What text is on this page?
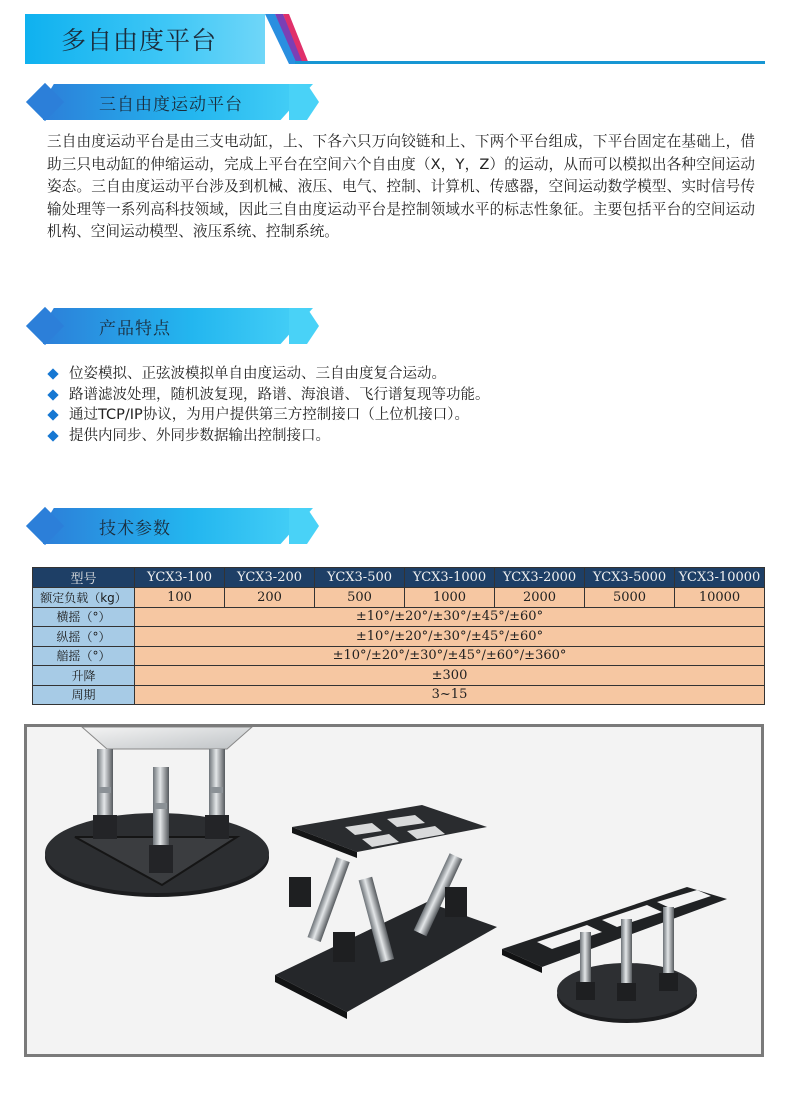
多自由度平台
三自由度运动平台
三自由度运动平台是由三支电动缸，上、下各六只万向铰链和上、下两个平台组成，下平台固定在基础上，借助三只电动缸的伸缩运动，完成上平台在空间六个自由度（X，Y，Z）的运动，从而可以模拟出各种空间运动姿态。三自由度运动平台涉及到机械、液压、电气、控制、计算机、传感器，空间运动数学模型、实时信号传输处理等一系列高科技领域，因此三自由度运动平台是控制领域水平的标志性象征。主要包括平台的空间运动机构、空间运动模型、液压系统、控制系统。
产品特点
位姿模拟、正弦波模拟单自由度运动、三自由度复合运动。
路谱滤波处理，随机波复现，路谱、海浪谱、飞行谱复现等功能。
通过TCP/IP协议，为用户提供第三方控制接口（上位机接口）。
提供内同步、外同步数据输出控制接口。
技术参数
型号	YCX3-100	YCX3-200	YCX3-500	YCX3-1000	YCX3-2000	YCX3-5000	YCX3-10000
额定负载（kg）	100	200	500	1000	2000	5000	10000
横摇（°）	±10°/±20°/±30°/±45°/±60°						
纵摇（°）	±10°/±20°/±30°/±45°/±60°						
艏摇（°）	±10°/±20°/±30°/±45°/±60°/±360°						
升降	±300						
周期	3~15						
